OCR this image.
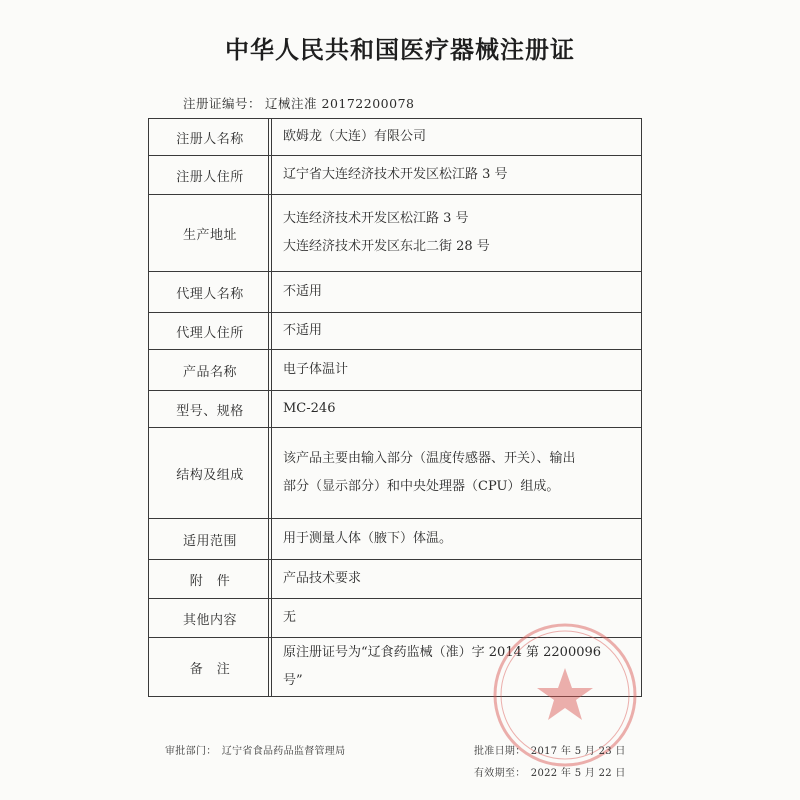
中华人民共和国医疗器械注册证
注册证编号： 辽械注准 20172200078
注册人名称	欧姆龙（大连）有限公司

注册人住所	辽宁省大连经济技术开发区松江路 3 号

生产地址	大连经济技术开发区松江路 3 号
大连经济技术开发区东北二街 28 号

代理人名称	不适用

代理人住所	不适用

产品名称	电子体温计

型号、规格	MC-246

结构及组成	该产品主要由输入部分（温度传感器、开关）、输出
部分（显示部分）和中央处理器（CPU）组成。

适用范围	用于测量人体（腋下）体温。

附　件	产品技术要求

其他内容	无

备　注	原注册证号为“辽食药监械（准）字 2014 第 2200096
号”
审批部门：　辽宁省食品药品监督管理局	批准日期：　2017 年 5 月 23 日
有效期至：　2022 年 5 月 22 日
